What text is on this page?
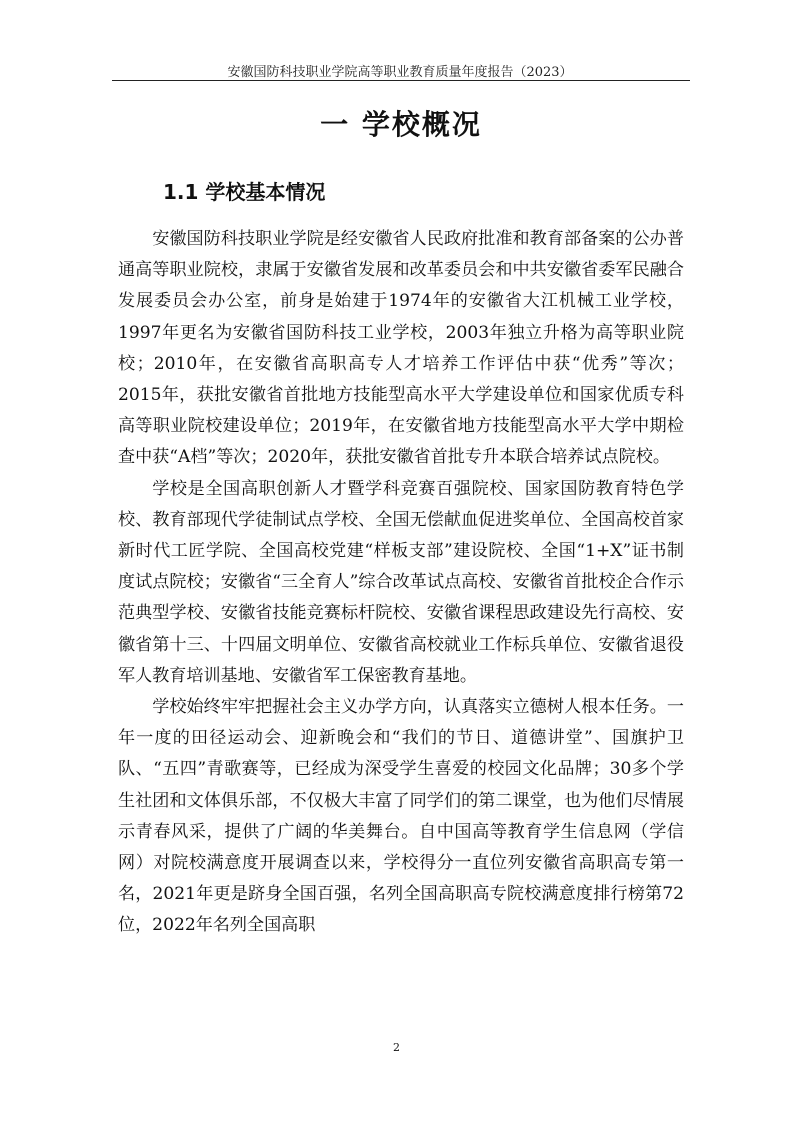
安徽国防科技职业学院高等职业教育质量年度报告（2023）
一 学校概况
1.1 学校基本情况

安徽国防科技职业学院是经安徽省人民政府批准和教育部备案的公办普通高等职业院校，隶属于安徽省发展和改革委员会和中共安徽省委军民融合发展委员会办公室，前身是始建于1974年的安徽省大江机械工业学校，1997年更名为安徽省国防科技工业学校，2003年独立升格为高等职业院校；2010年，在安徽省高职高专人才培养工作评估中获“优秀”等次； 2015年，获批安徽省首批地方技能型高水平大学建设单位和国家优质专科高等职业院校建设单位；2019年，在安徽省地方技能型高水平大学中期检查中获“A档”等次；2020年，获批安徽省首批专升本联合培养试点院校。

学校是全国高职创新人才暨学科竞赛百强院校、国家国防教育特色学校、教育部现代学徒制试点学校、全国无偿献血促进奖单位、全国高校首家新时代工匠学院、全国高校党建“样板支部”建设院校、全国“1+X”证书制度试点院校；安徽省“三全育人”综合改革试点高校、安徽省首批校企合作示范典型学校、安徽省技能竞赛标杆院校、安徽省课程思政建设先行高校、安徽省第十三、十四届文明单位、安徽省高校就业工作标兵单位、安徽省退役军人教育培训基地、安徽省军工保密教育基地。

学校始终牢牢把握社会主义办学方向，认真落实立德树人根本任务。一年一度的田径运动会、迎新晚会和“我们的节日、道德讲堂”、国旗护卫队、“五四”青歌赛等，已经成为深受学生喜爱的校园文化品牌；30多个学生社团和文体俱乐部，不仅极大丰富了同学们的第二课堂，也为他们尽情展示青春风采，提供了广阔的华美舞台。自中国高等教育学生信息网（学信网）对院校满意度开展调查以来，学校得分一直位列安徽省高职高专第一名，2021年更是跻身全国百强，名列全国高职高专院校满意度排行榜第72位，2022年名列全国高职

2
